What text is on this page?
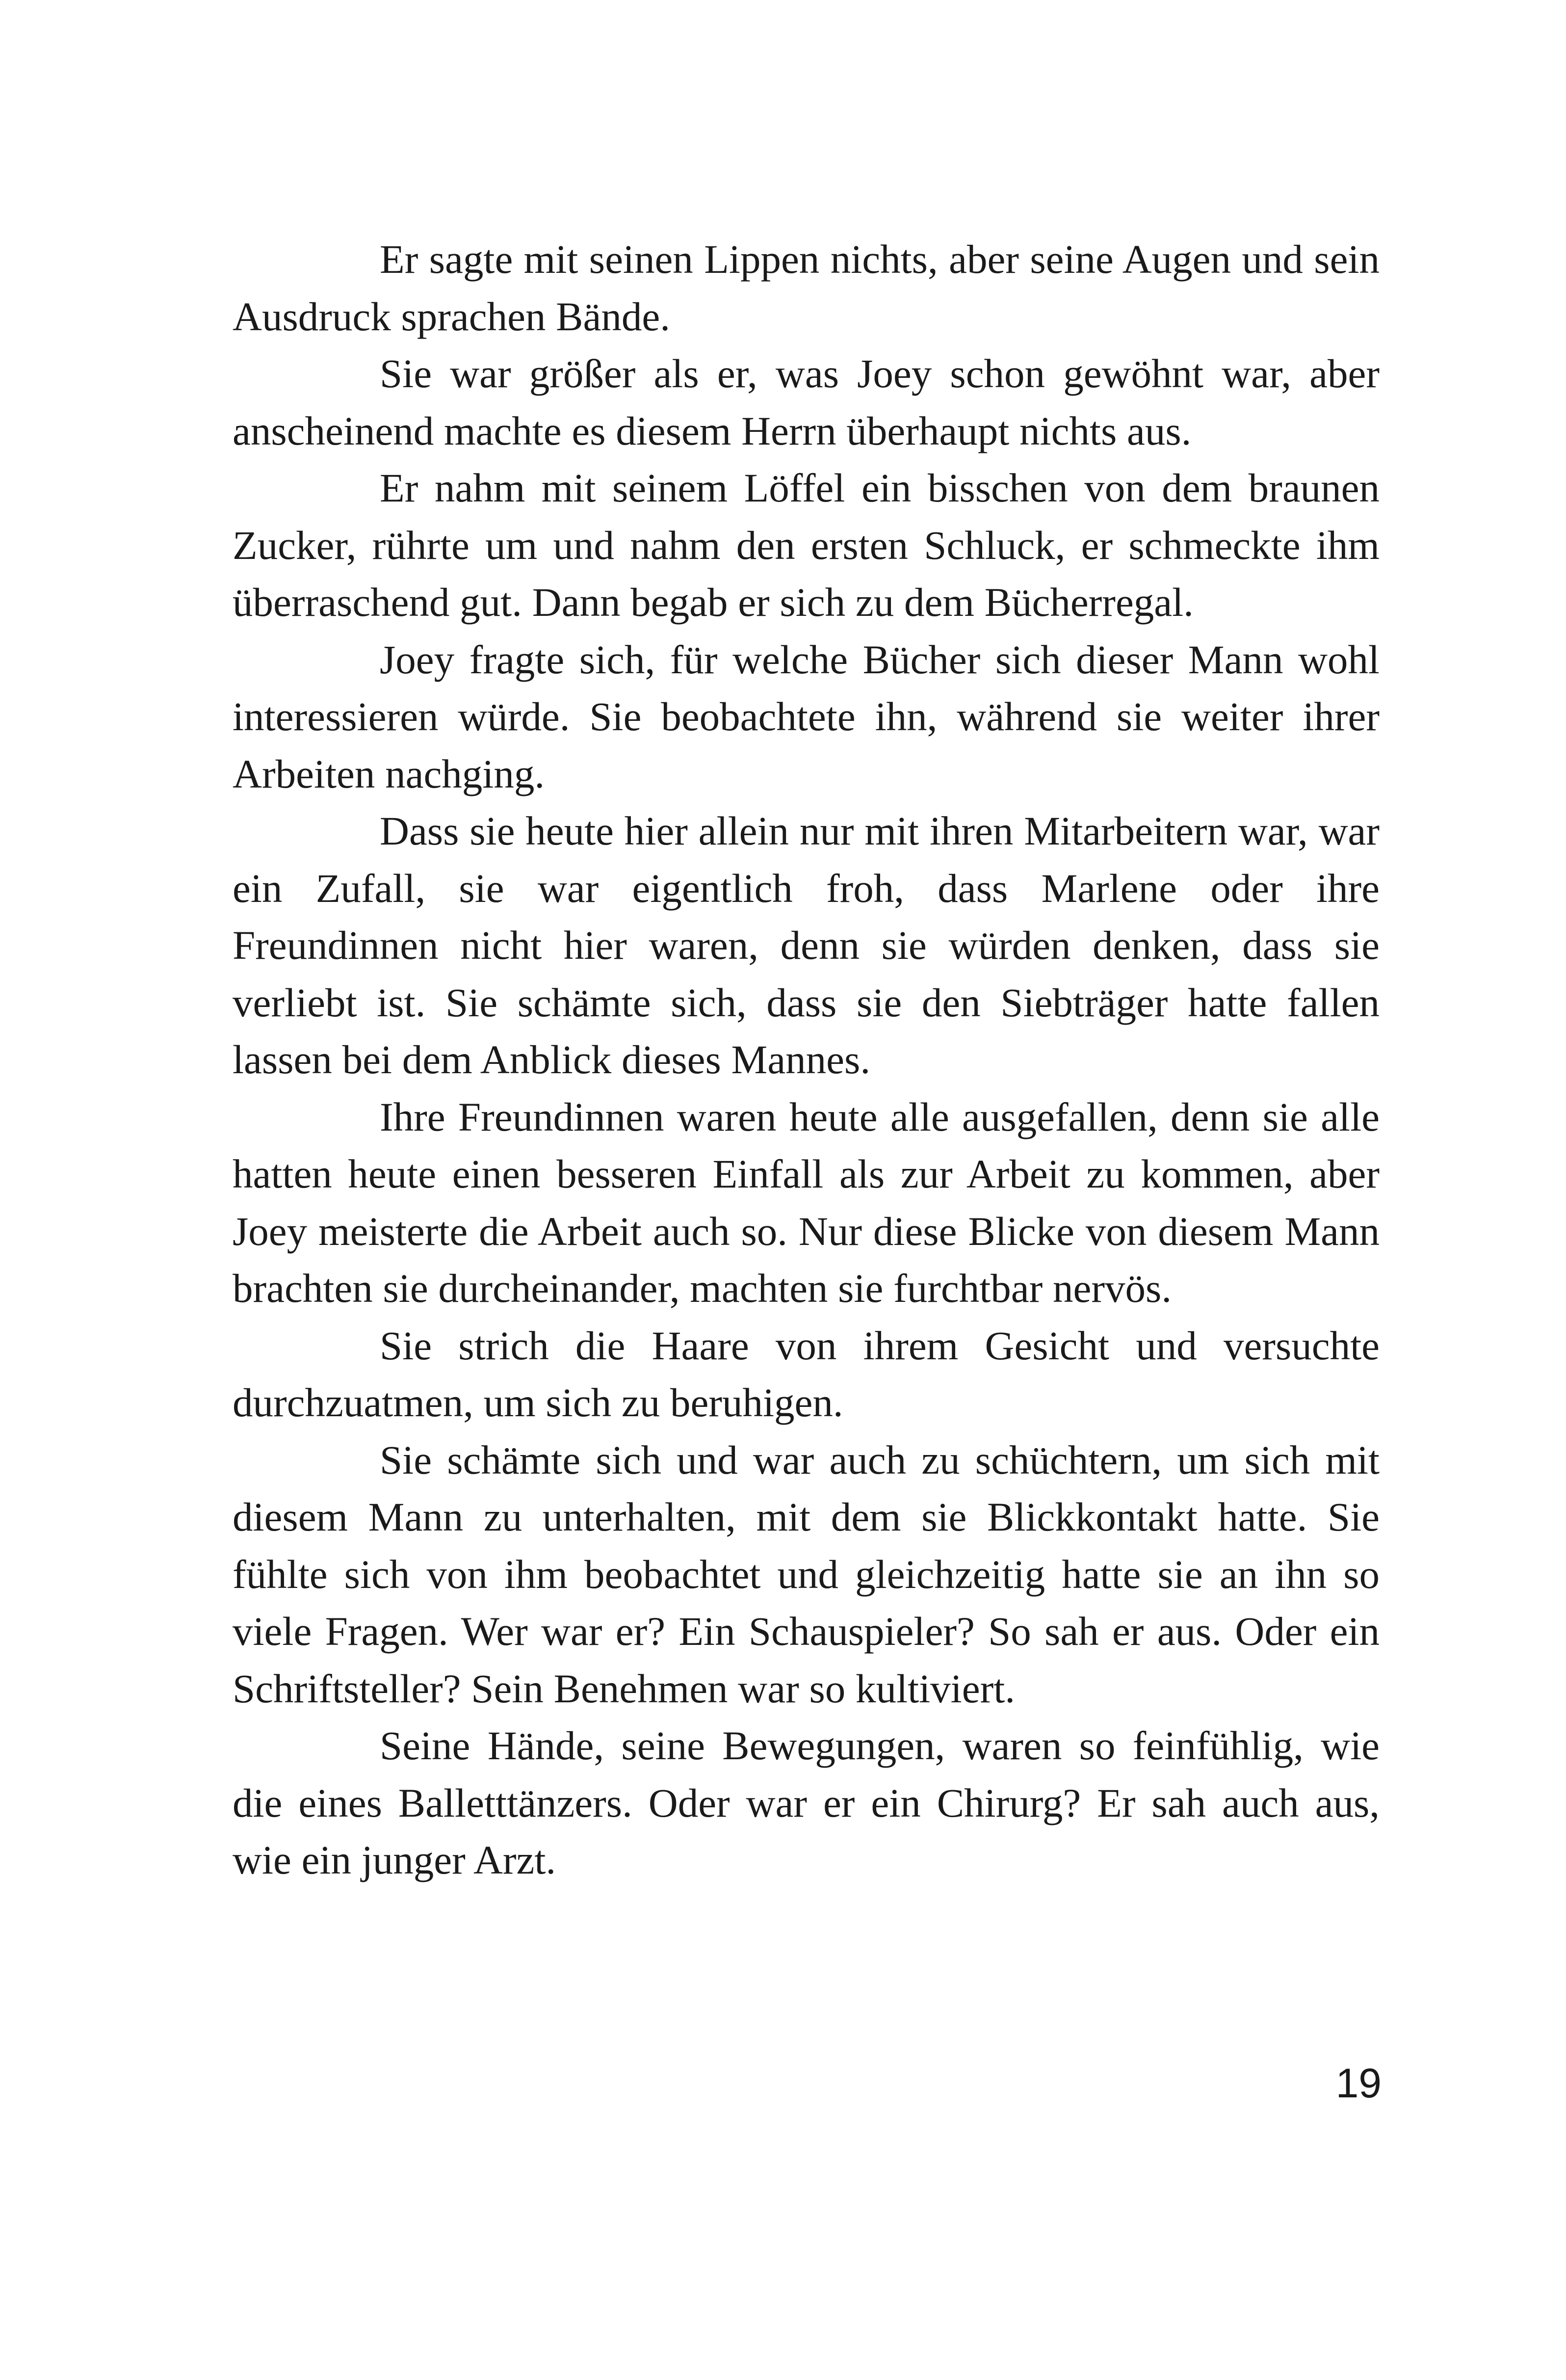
Er sagte mit seinen Lippen nichts, aber seine Augen und sein Ausdruck sprachen Bände.

Sie war größer als er, was Joey schon gewöhnt war, aber anscheinend machte es diesem Herrn überhaupt nichts aus.

Er nahm mit seinem Löffel ein bisschen von dem braunen Zucker, rührte um und nahm den ersten Schluck, er schmeckte ihm überraschend gut. Dann begab er sich zu dem Bücherregal.

Joey fragte sich, für welche Bücher sich dieser Mann wohl interessieren würde. Sie beobachtete ihn, während sie weiter ihrer Arbeiten nachging.

Dass sie heute hier allein nur mit ihren Mitarbeitern war, war ein Zufall, sie war eigentlich froh, dass Marlene oder ihre Freundinnen nicht hier waren, denn sie würden denken, dass sie verliebt ist. Sie schämte sich, dass sie den Siebträger hatte fallen lassen bei dem Anblick dieses Mannes.

Ihre Freundinnen waren heute alle ausgefallen, denn sie alle hatten heute einen besseren Einfall als zur Arbeit zu kommen, aber Joey meisterte die Arbeit auch so. Nur diese Blicke von diesem Mann brachten sie durcheinander, machten sie furchtbar nervös.

Sie strich die Haare von ihrem Gesicht und versuchte durchzuatmen, um sich zu beruhigen.

Sie schämte sich und war auch zu schüchtern, um sich mit diesem Mann zu unterhalten, mit dem sie Blickkontakt hatte. Sie fühlte sich von ihm beobachtet und gleichzeitig hatte sie an ihn so viele Fragen. Wer war er? Ein Schauspieler? So sah er aus. Oder ein Schriftsteller? Sein Benehmen war so kultiviert.

Seine Hände, seine Bewegungen, waren so feinfühlig, wie die eines Balletttänzers. Oder war er ein Chirurg? Er sah auch aus, wie ein junger Arzt.

19
